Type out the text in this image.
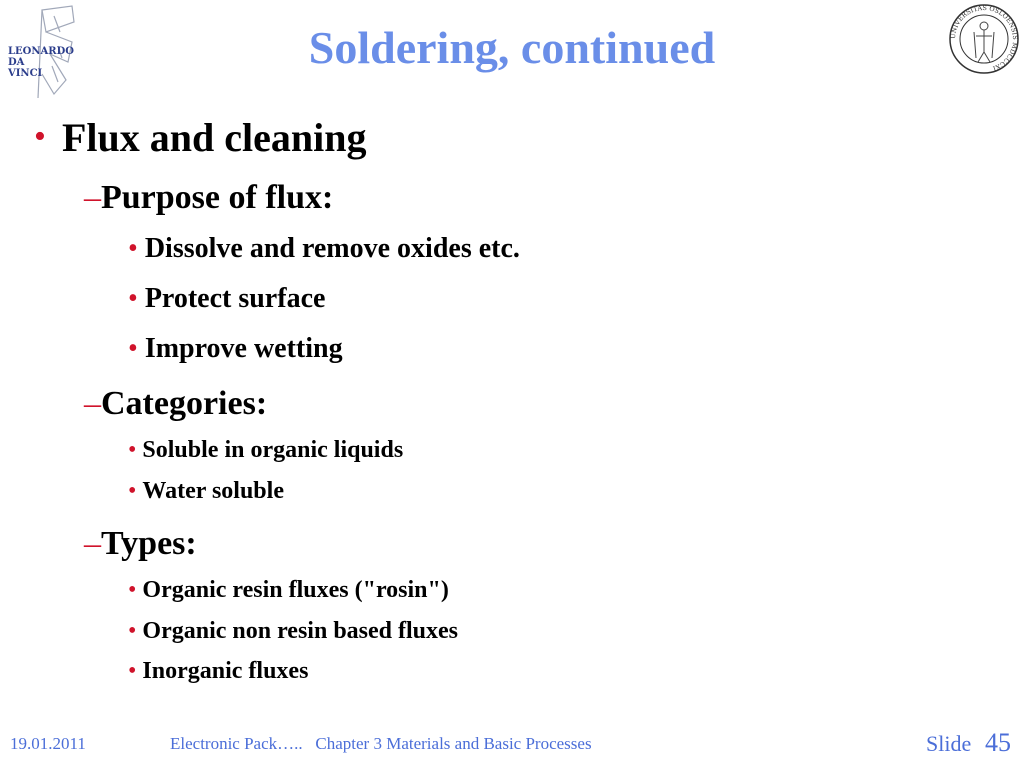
LEONARDO
DA
VINCI
UNIVERSITAS OSLOENSIS MDCCCXI
Soldering, continued
• Flux and cleaning
–Purpose of flux:
• Dissolve and remove oxides etc.
• Protect surface
• Improve wetting
–Categories:
• Soluble in organic liquids
• Water soluble
–Types:
• Organic resin fluxes ("rosin")
• Organic non resin based fluxes
• Inorganic fluxes
19.01.2011	Electronic Pack…..   Chapter 3 Materials and Basic Processes	Slide 45
